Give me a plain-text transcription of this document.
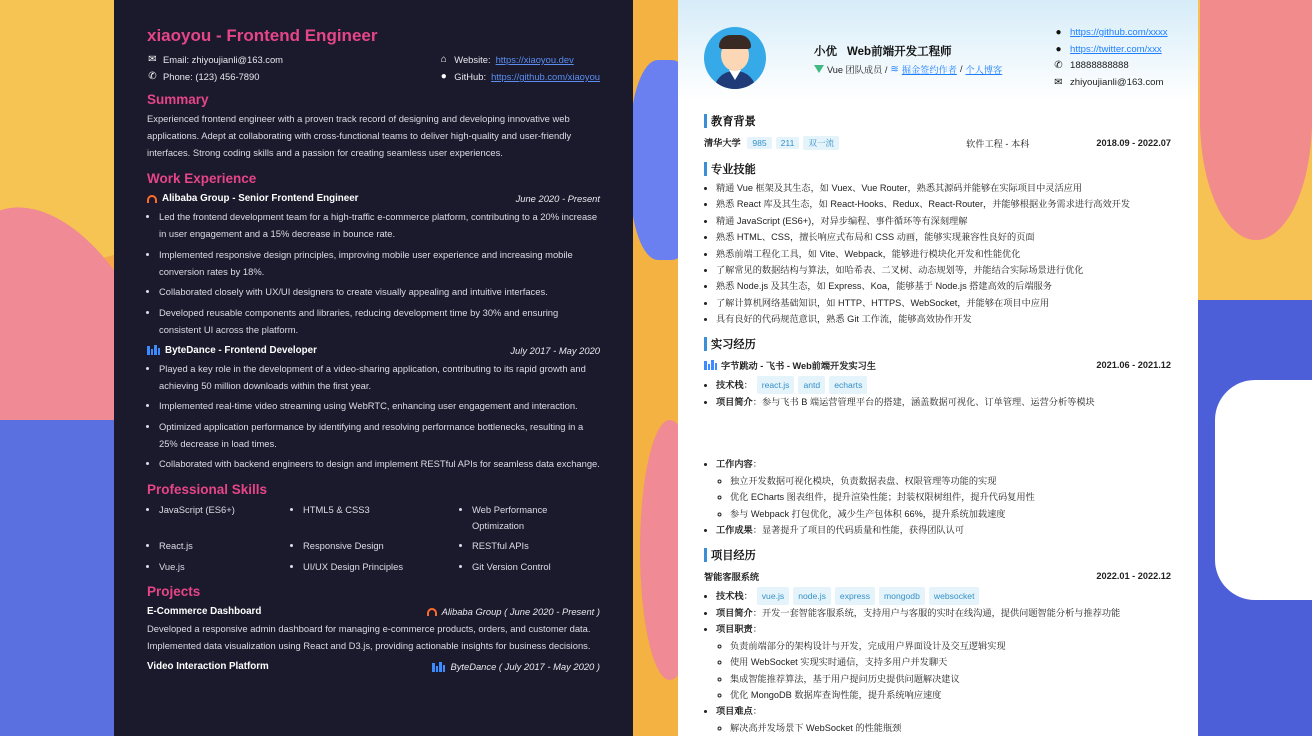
xiaoyou - Frontend Engineer
✉ Email: zhiyoujianli@163.com
✆ Phone: (123) 456-7890
⌂ Website: https://xiaoyou.dev
● GitHub: https://github.com/xiaoyou
Summary
Experienced frontend engineer with a proven track record of designing and developing innovative web applications. Adept at collaborating with cross-functional teams to deliver high-quality and user-friendly interfaces. Strong coding skills and a passion for creating seamless user experiences.
Work Experience
Alibaba Group - Senior Frontend Engineer	June 2020 - Present
• Led the frontend development team for a high-traffic e-commerce platform, contributing to a 20% increase in user engagement and a 15% decrease in bounce rate.
• Implemented responsive design principles, improving mobile user experience and increasing mobile conversion rates by 18%.
• Collaborated closely with UX/UI designers to create visually appealing and intuitive interfaces.
• Developed reusable components and libraries, reducing development time by 30% and ensuring consistent UI across the platform.
ByteDance - Frontend Developer	July 2017 - May 2020
• Played a key role in the development of a video-sharing application, contributing to its rapid growth and achieving 50 million downloads within the first year.
• Implemented real-time video streaming using WebRTC, enhancing user engagement and interaction.
• Optimized application performance by identifying and resolving performance bottlenecks, resulting in a 25% decrease in load times.
• Collaborated with backend engineers to design and implement RESTful APIs for seamless data exchange.
Professional Skills
• JavaScript (ES6+)	• HTML5 & CSS3	• Web Performance Optimization
• React.js	• Responsive Design	• RESTful APIs
• Vue.js	• UI/UX Design Principles	• Git Version Control
Projects
E-Commerce Dashboard	Alibaba Group ( June 2020 - Present )
Developed a responsive admin dashboard for managing e-commerce products, orders, and customer data. Implemented data visualization using React and D3.js, providing actionable insights for business decisions.
Video Interaction Platform	ByteDance ( July 2017 - May 2020 )
小优 Web前端开发工程师
Vue 团队成员 / ≋ 掘金签约作者 / 个人博客
● https://github.com/xxxx
● https://twitter.com/xxx
✆ 18888888888
✉ zhiyoujianli@163.com
教育背景
清华大学 985 211 双一流	软件工程 - 本科	2018.09 - 2022.07
专业技能
• 精通 Vue 框架及其生态，如 Vuex、Vue Router，熟悉其源码并能够在实际项目中灵活应用
• 熟悉 React 库及其生态，如 React-Hooks、Redux、React-Router，并能够根据业务需求进行高效开发
• 精通 JavaScript (ES6+)，对异步编程、事件循环等有深刻理解
• 熟悉 HTML、CSS，擅长响应式布局和 CSS 动画，能够实现兼容性良好的页面
• 熟悉前端工程化工具，如 Vite、Webpack，能够进行模块化开发和性能优化
• 了解常见的数据结构与算法，如哈希表、二叉树、动态规划等，并能结合实际场景进行优化
• 熟悉 Node.js 及其生态，如 Express、Koa，能够基于 Node.js 搭建高效的后端服务
• 了解计算机网络基础知识，如 HTTP、HTTPS、WebSocket，并能够在项目中应用
• 具有良好的代码规范意识，熟悉 Git 工作流，能够高效协作开发
实习经历
字节跳动 - 飞书 - Web前端开发实习生	2021.06 - 2021.12
• 技术栈： react.js antd echarts
• 项目简介：参与飞书 B 端运营管理平台的搭建，涵盖数据可视化、订单管理、运营分析等模块
• 工作内容：
◦ 独立开发数据可视化模块，负责数据表盘、权限管理等功能的实现
◦ 优化 ECharts 图表组件，提升渲染性能；封装权限树组件，提升代码复用性
◦ 参与 Webpack 打包优化，减少生产包体积 66%，提升系统加载速度
• 工作成果：显著提升了项目的代码质量和性能，获得团队认可
项目经历
智能客服系统	2022.01 - 2022.12
• 技术栈： vue.js node.js express mongodb websocket
• 项目简介：开发一套智能客服系统，支持用户与客服的实时在线沟通，提供问题智能分析与推荐功能
• 项目职责：
◦ 负责前端部分的架构设计与开发，完成用户界面设计及交互逻辑实现
◦ 使用 WebSocket 实现实时通信，支持多用户并发聊天
◦ 集成智能推荐算法，基于用户提问历史提供问题解决建议
◦ 优化 MongoDB 数据库查询性能，提升系统响应速度
• 项目难点：
◦ 解决高并发场景下 WebSocket 的性能瓶颈
